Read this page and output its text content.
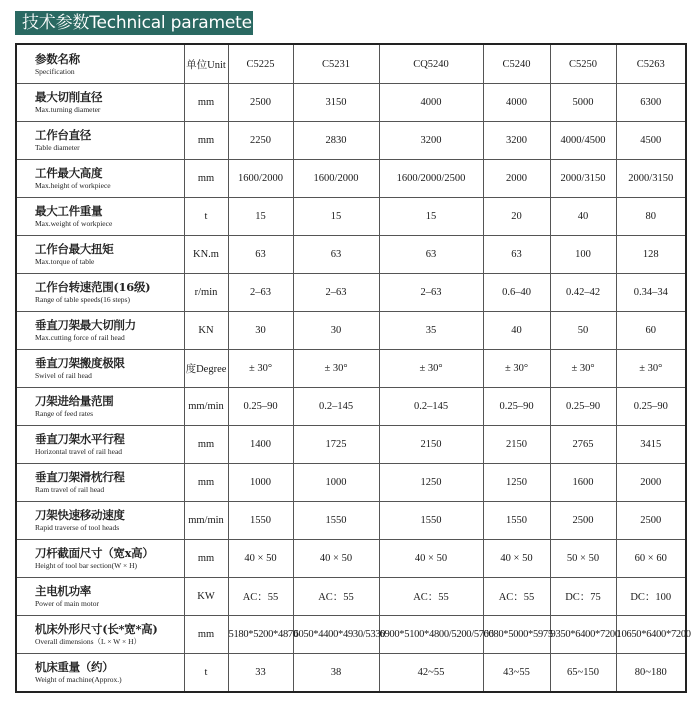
技术参数Technical parameter
参数名称
Specification	单位Unit	C5225	C5231	CQ5240	C5240	C5250	C5263

最大切削直径
Max.turning diameter	mm	2500	3150	4000	4000	5000	6300

工作台直径
Table diameter	mm	2250	2830	3200	3200	4000/4500	4500

工件最大高度
Max.height of workpiece	mm	1600/2000	1600/2000	1600/2000/2500	2000	2000/3150	2000/3150

最大工件重量
Max.weight of workpiece	t	15	15	15	20	40	80

工作台最大扭矩
Max.torque of table	KN.m	63	63	63	63	100	128

工作台转速范围(16级)
Range of table speeds(16 steps)	r/min	2–63	2–63	2–63	0.6–40	0.42–42	0.34–34

垂直刀架最大切削力
Max.cutting force of rail head	KN	30	30	35	40	50	60

垂直刀架搬度极限
Swivel of rail head	度Degree	± 30°	± 30°	± 30°	± 30°	± 30°	± 30°

刀架进给量范围
Range of feed rates	mm/min	0.25–90	0.2–145	0.2–145	0.25–90	0.25–90	0.25–90

垂直刀架水平行程
Horizontal travel of rail head	mm	1400	1725	2150	2150	2765	3415

垂直刀架滑枕行程
Ram travel of rail head	mm	1000	1000	1250	1250	1600	2000

刀架快速移动速度
Rapid traverse of tool heads	mm/min	1550	1550	1550	1550	2500	2500

刀杆截面尺寸（宽x高）
Height of tool bar section(W × H)	mm	40 × 50	40 × 50	40 × 50	40 × 50	50 × 50	60 × 60

主电机功率
Power of main motor	KW	AC：55	AC：55	AC：55	AC：55	DC：75	DC：100

机床外形尺寸(长*宽*高)
Overall dimensions（L × W × H）	mm	5180*5200*4870	6050*4400*4930/5330	6900*5100*4800/5200/5700	6680*5000*5975	9350*6400*7200	10650*6400*7200

机床重量（约）
Weight of machine(Approx.)	t	33	38	42~55	43~55	65~150	80~180
